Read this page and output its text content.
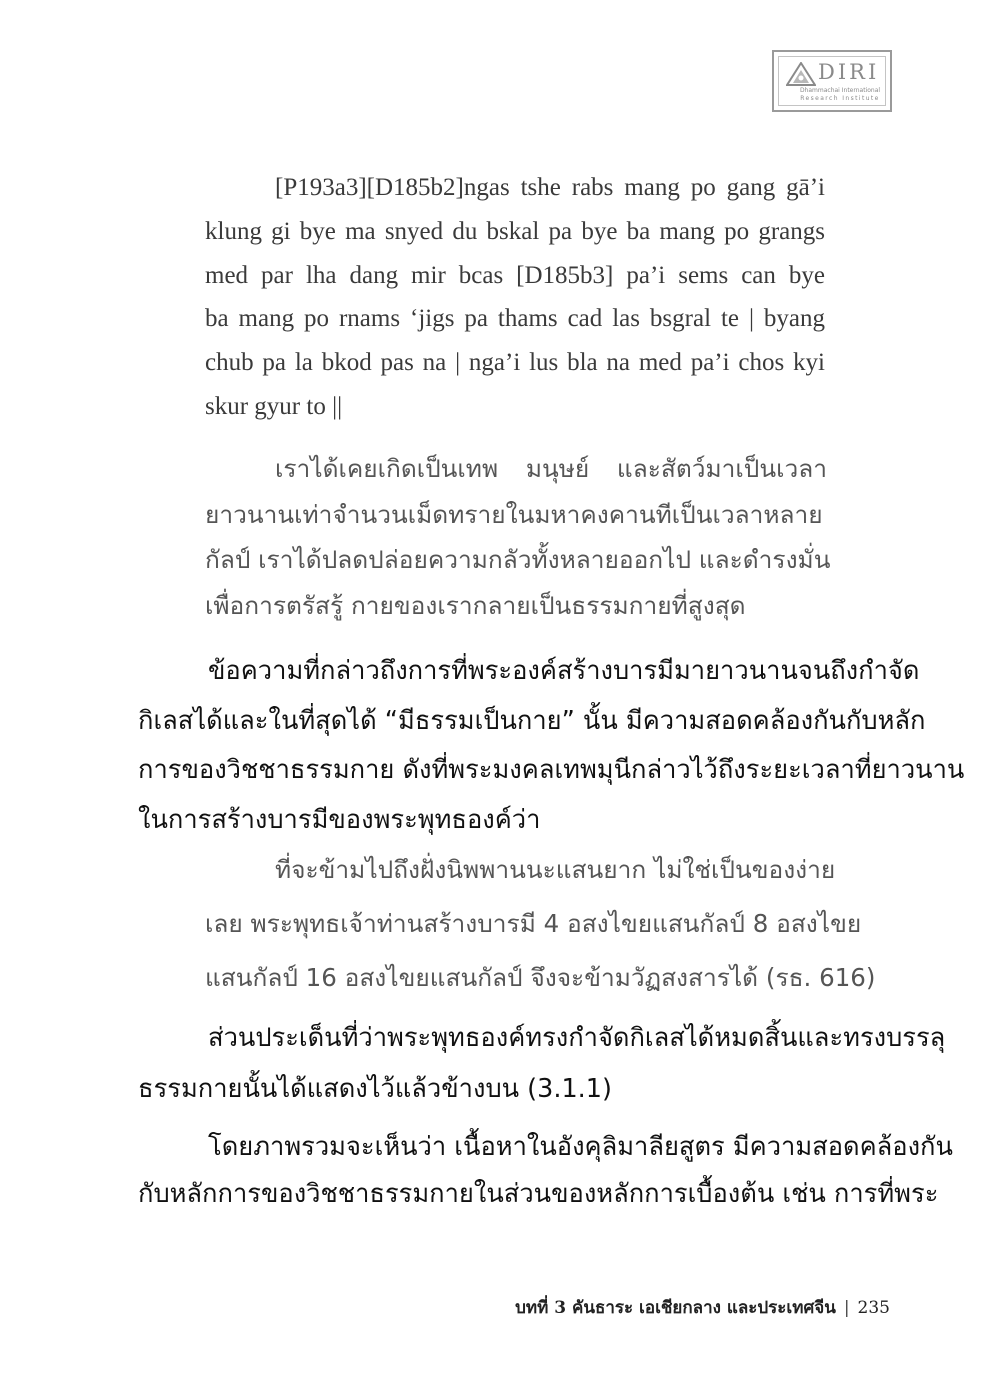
DIRI
Dhammachai International
Research Institute
[P193a3][D185b2]ngas tshe rabs mang po gang gā’i
klung gi bye ma snyed du bskal pa bye ba mang po grangs
med par lha dang mir bcas [D185b3] pa’i sems can bye
ba mang po rnams ‘jigs pa thams cad las bsgral te | byang
chub pa la bkod pas na | nga’i lus bla na med pa’i chos kyi
skur gyur to ||
เราได้เคยเกิดเป็นเทพ มนุษย์ และสัตว์มาเป็นเวลา
ยาวนานเท่าจำนวนเม็ดทรายในมหาคงคานทีเป็นเวลาหลาย
กัลป์ เราได้ปลดปล่อยความกลัวทั้งหลายออกไป และดำรงมั่น
เพื่อการตรัสรู้ กายของเรากลายเป็นธรรมกายที่สูงสุด
ข้อความที่กล่าวถึงการที่พระองค์สร้างบารมีมายาวนานจนถึงกำจัด
กิเลสได้และในที่สุดได้ “มีธรรมเป็นกาย” นั้น มีความสอดคล้องกันกับหลัก
การของวิชชาธรรมกาย ดังที่พระมงคลเทพมุนีกล่าวไว้ถึงระยะเวลาที่ยาวนาน
ในการสร้างบารมีของพระพุทธองค์ว่า
ที่จะข้ามไปถึงฝั่งนิพพานนะแสนยาก ไม่ใช่เป็นของง่าย
เลย พระพุทธเจ้าท่านสร้างบารมี 4 อสงไขยแสนกัลป์ 8 อสงไขย
แสนกัลป์ 16 อสงไขยแสนกัลป์ จึงจะข้ามวัฏสงสารได้ (รธ. 616)
ส่วนประเด็นที่ว่าพระพุทธองค์ทรงกำจัดกิเลสได้หมดสิ้นและทรงบรรลุ
ธรรมกายนั้นได้แสดงไว้แล้วข้างบน (3.1.1)
โดยภาพรวมจะเห็นว่า เนื้อหาในอังคุลิมาลียสูตร มีความสอดคล้องกัน
กับหลักการของวิชชาธรรมกายในส่วนของหลักการเบื้องต้น เช่น การที่พระ
บทที่ 3 คันธาระ เอเชียกลาง และประเทศจีน | 235
